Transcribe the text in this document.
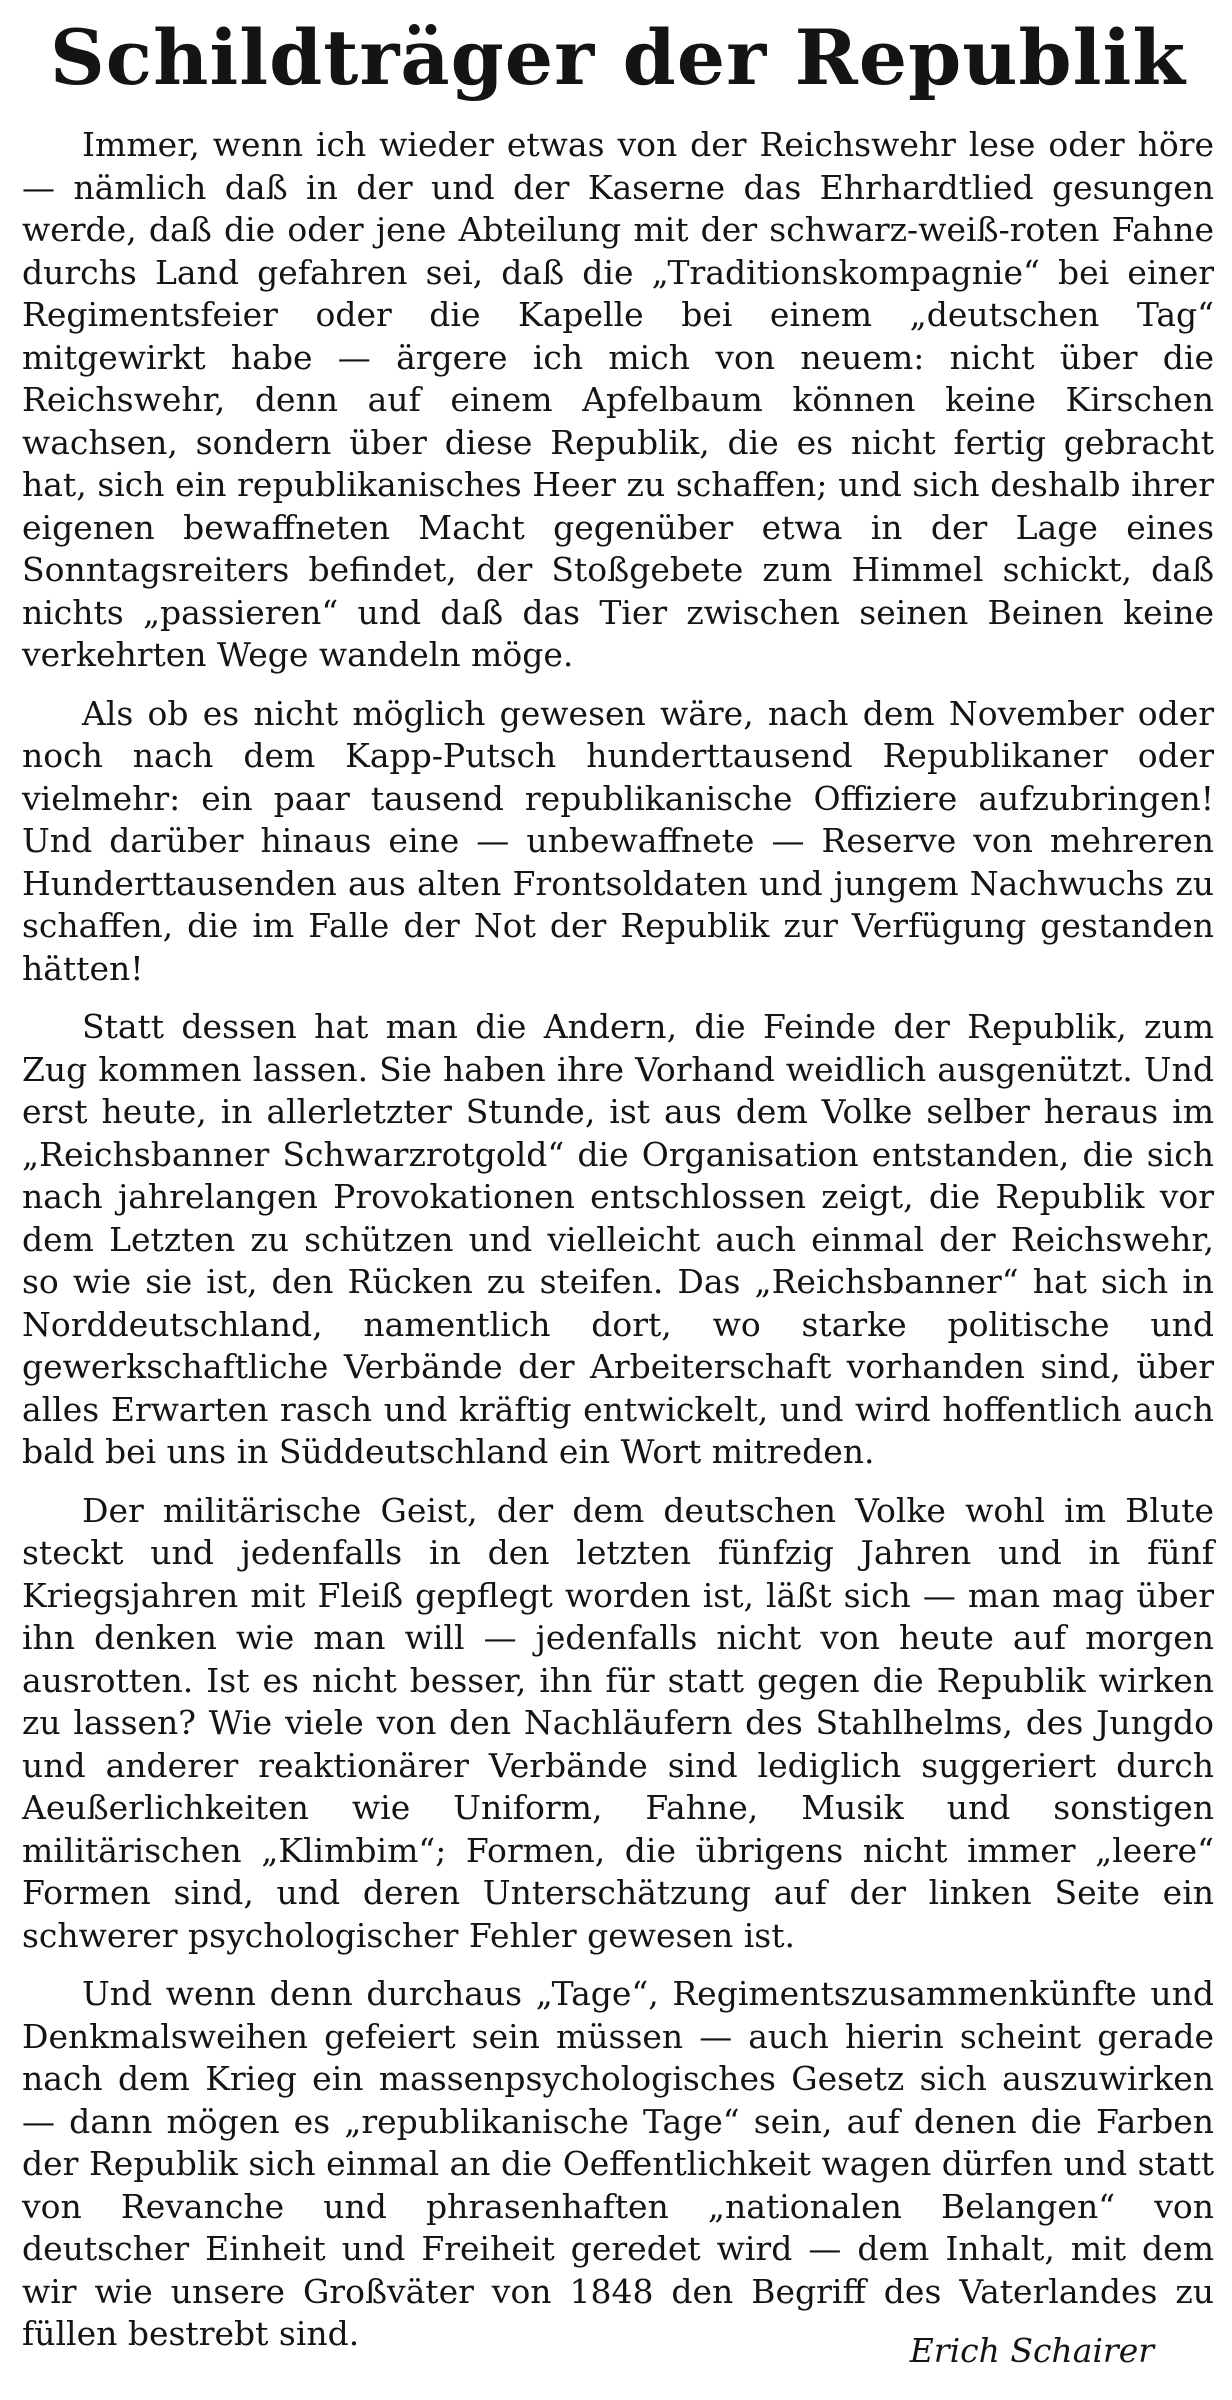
Schildträger der Republik

Immer, wenn ich wieder etwas von der Reichswehr lese oder höre — nämlich daß in der und der Kaserne das Ehrhardtlied gesungen werde, daß die oder jene Abteilung mit der schwarz-weiß-roten Fahne durchs Land gefahren sei, daß die „Traditionskompagnie“ bei einer Regimentsfeier oder die Kapelle bei einem „deutschen Tag“ mitgewirkt habe — ärgere ich mich von neuem: nicht über die Reichswehr, denn auf einem Apfelbaum können keine Kirschen wachsen, sondern über diese Republik, die es nicht fertig gebracht hat, sich ein republikanisches Heer zu schaffen; und sich deshalb ihrer eigenen bewaffneten Macht gegenüber etwa in der Lage eines Sonntagsreiters befindet, der Stoßgebete zum Himmel schickt, daß nichts „passieren“ und daß das Tier zwischen seinen Beinen keine verkehrten Wege wandeln möge.

Als ob es nicht möglich gewesen wäre, nach dem November oder noch nach dem Kapp-Putsch hunderttausend Republikaner oder vielmehr: ein paar tausend republikanische Offiziere aufzubringen! Und darüber hinaus eine — unbewaffnete — Reserve von mehreren Hunderttausenden aus alten Frontsoldaten und jungem Nachwuchs zu schaffen, die im Falle der Not der Republik zur Verfügung gestanden hätten!

Statt dessen hat man die Andern, die Feinde der Republik, zum Zug kommen lassen. Sie haben ihre Vorhand weidlich ausgenützt. Und erst heute, in allerletzter Stunde, ist aus dem Volke selber heraus im „Reichsbanner Schwarzrotgold“ die Organisation entstanden, die sich nach jahrelangen Provokationen entschlossen zeigt, die Republik vor dem Letzten zu schützen und vielleicht auch einmal der Reichswehr, so wie sie ist, den Rücken zu steifen. Das „Reichsbanner“ hat sich in Norddeutschland, namentlich dort, wo starke politische und gewerkschaftliche Verbände der Arbeiterschaft vorhanden sind, über alles Erwarten rasch und kräftig entwickelt, und wird hoffentlich auch bald bei uns in Süddeutschland ein Wort mitreden.

Der militärische Geist, der dem deutschen Volke wohl im Blute steckt und jedenfalls in den letzten fünfzig Jahren und in fünf Kriegsjahren mit Fleiß gepflegt worden ist, läßt sich — man mag über ihn denken wie man will — jedenfalls nicht von heute auf morgen ausrotten. Ist es nicht besser, ihn für statt gegen die Republik wirken zu lassen? Wie viele von den Nachläufern des Stahlhelms, des Jungdo und anderer reaktionärer Verbände sind lediglich suggeriert durch Aeußerlichkeiten wie Uniform, Fahne, Musik und sonstigen militärischen „Klimbim“; Formen, die übrigens nicht immer „leere“ Formen sind, und deren Unterschätzung auf der linken Seite ein schwerer psychologischer Fehler gewesen ist.

Und wenn denn durchaus „Tage“, Regimentszusammenkünfte und Denkmalsweihen gefeiert sein müssen — auch hierin scheint gerade nach dem Krieg ein massenpsychologisches Gesetz sich auszuwirken — dann mögen es „republikanische Tage“ sein, auf denen die Farben der Republik sich einmal an die Oeffentlichkeit wagen dürfen und statt von Revanche und phrasenhaften „nationalen Belangen“ von deutscher Einheit und Freiheit geredet wird — dem Inhalt, mit dem wir wie unsere Großväter von 1848 den Begriff des Vaterlandes zu füllen bestrebt sind.	Erich Schairer
